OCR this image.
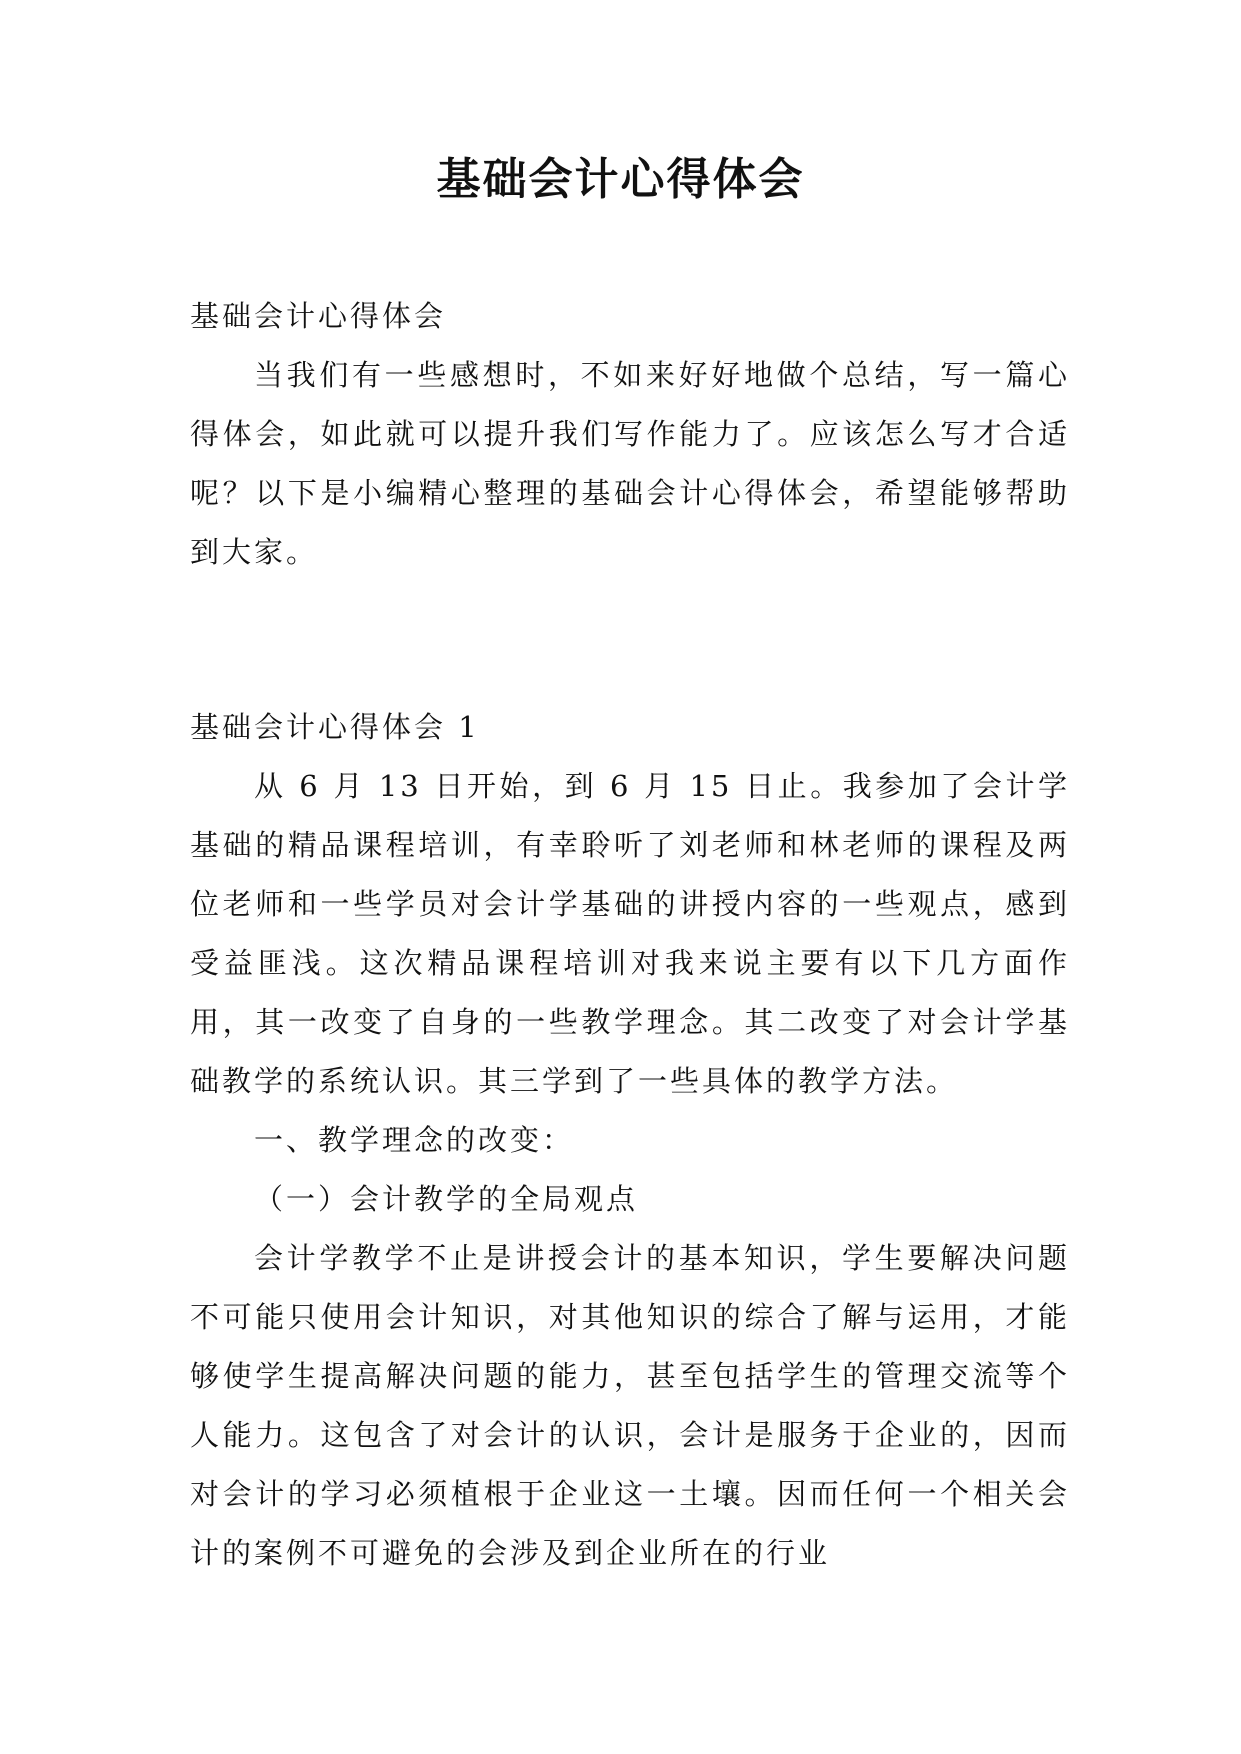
基础会计心得体会

基础会计心得体会

当我们有一些感想时，不如来好好地做个总结，写一篇心得体会，如此就可以提升我们写作能力了。应该怎么写才合适呢？以下是小编精心整理的基础会计心得体会，希望能够帮助到大家。

基础会计心得体会 1

从 6 月 13 日开始，到 6 月 15 日止。我参加了会计学基础的精品课程培训，有幸聆听了刘老师和林老师的课程及两位老师和一些学员对会计学基础的讲授内容的一些观点，感到受益匪浅。这次精品课程培训对我来说主要有以下几方面作用，其一改变了自身的一些教学理念。其二改变了对会计学基础教学的系统认识。其三学到了一些具体的教学方法。

一、教学理念的改变：

（一）会计教学的全局观点

会计学教学不止是讲授会计的基本知识，学生要解决问题不可能只使用会计知识，对其他知识的综合了解与运用，才能够使学生提高解决问题的能力，甚至包括学生的管理交流等个人能力。这包含了对会计的认识，会计是服务于企业的，因而对会计的学习必须植根于企业这一土壤。因而任何一个相关会计的案例不可避免的会涉及到企业所在的行业
